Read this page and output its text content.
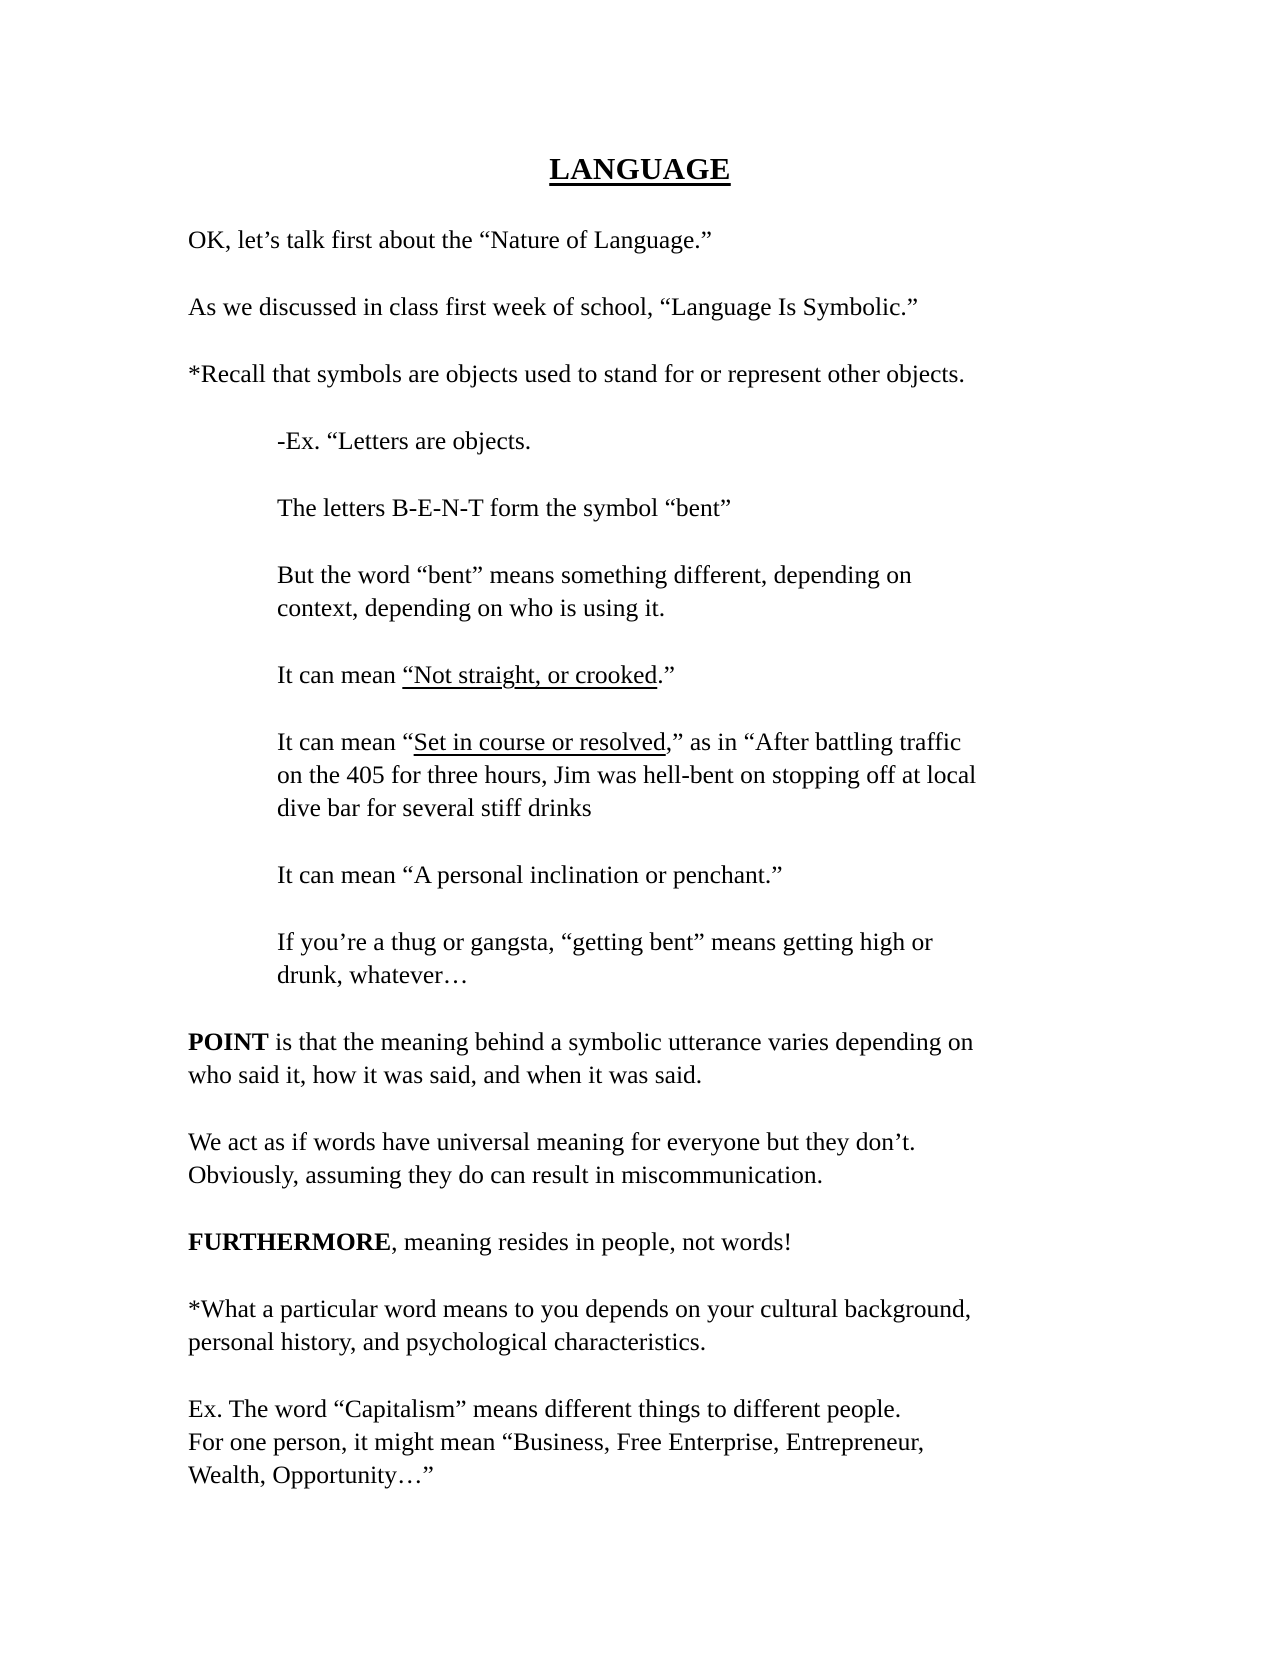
LANGUAGE

OK, let’s talk first about the “Nature of Language.”

As we discussed in class first week of school, “Language Is Symbolic.”

*Recall that symbols are objects used to stand for or represent other objects.

-Ex. “Letters are objects.

The letters B-E-N-T form the symbol “bent”

But the word “bent” means something different, depending on

context, depending on who is using it.

It can mean “Not straight, or crooked.”

It can mean “Set in course or resolved,” as in “After battling traffic

on the 405 for three hours, Jim was hell-bent on stopping off at local

dive bar for several stiff drinks

It can mean “A personal inclination or penchant.”

If you’re a thug or gangsta, “getting bent” means getting high or

drunk, whatever…

POINT is that the meaning behind a symbolic utterance varies depending on

who said it, how it was said, and when it was said.

We act as if words have universal meaning for everyone but they don’t.

Obviously, assuming they do can result in miscommunication.

FURTHERMORE, meaning resides in people, not words!

*What a particular word means to you depends on your cultural background,

personal history, and psychological characteristics.

Ex. The word “Capitalism” means different things to different people.

For one person, it might mean “Business, Free Enterprise, Entrepreneur,

Wealth, Opportunity…”
